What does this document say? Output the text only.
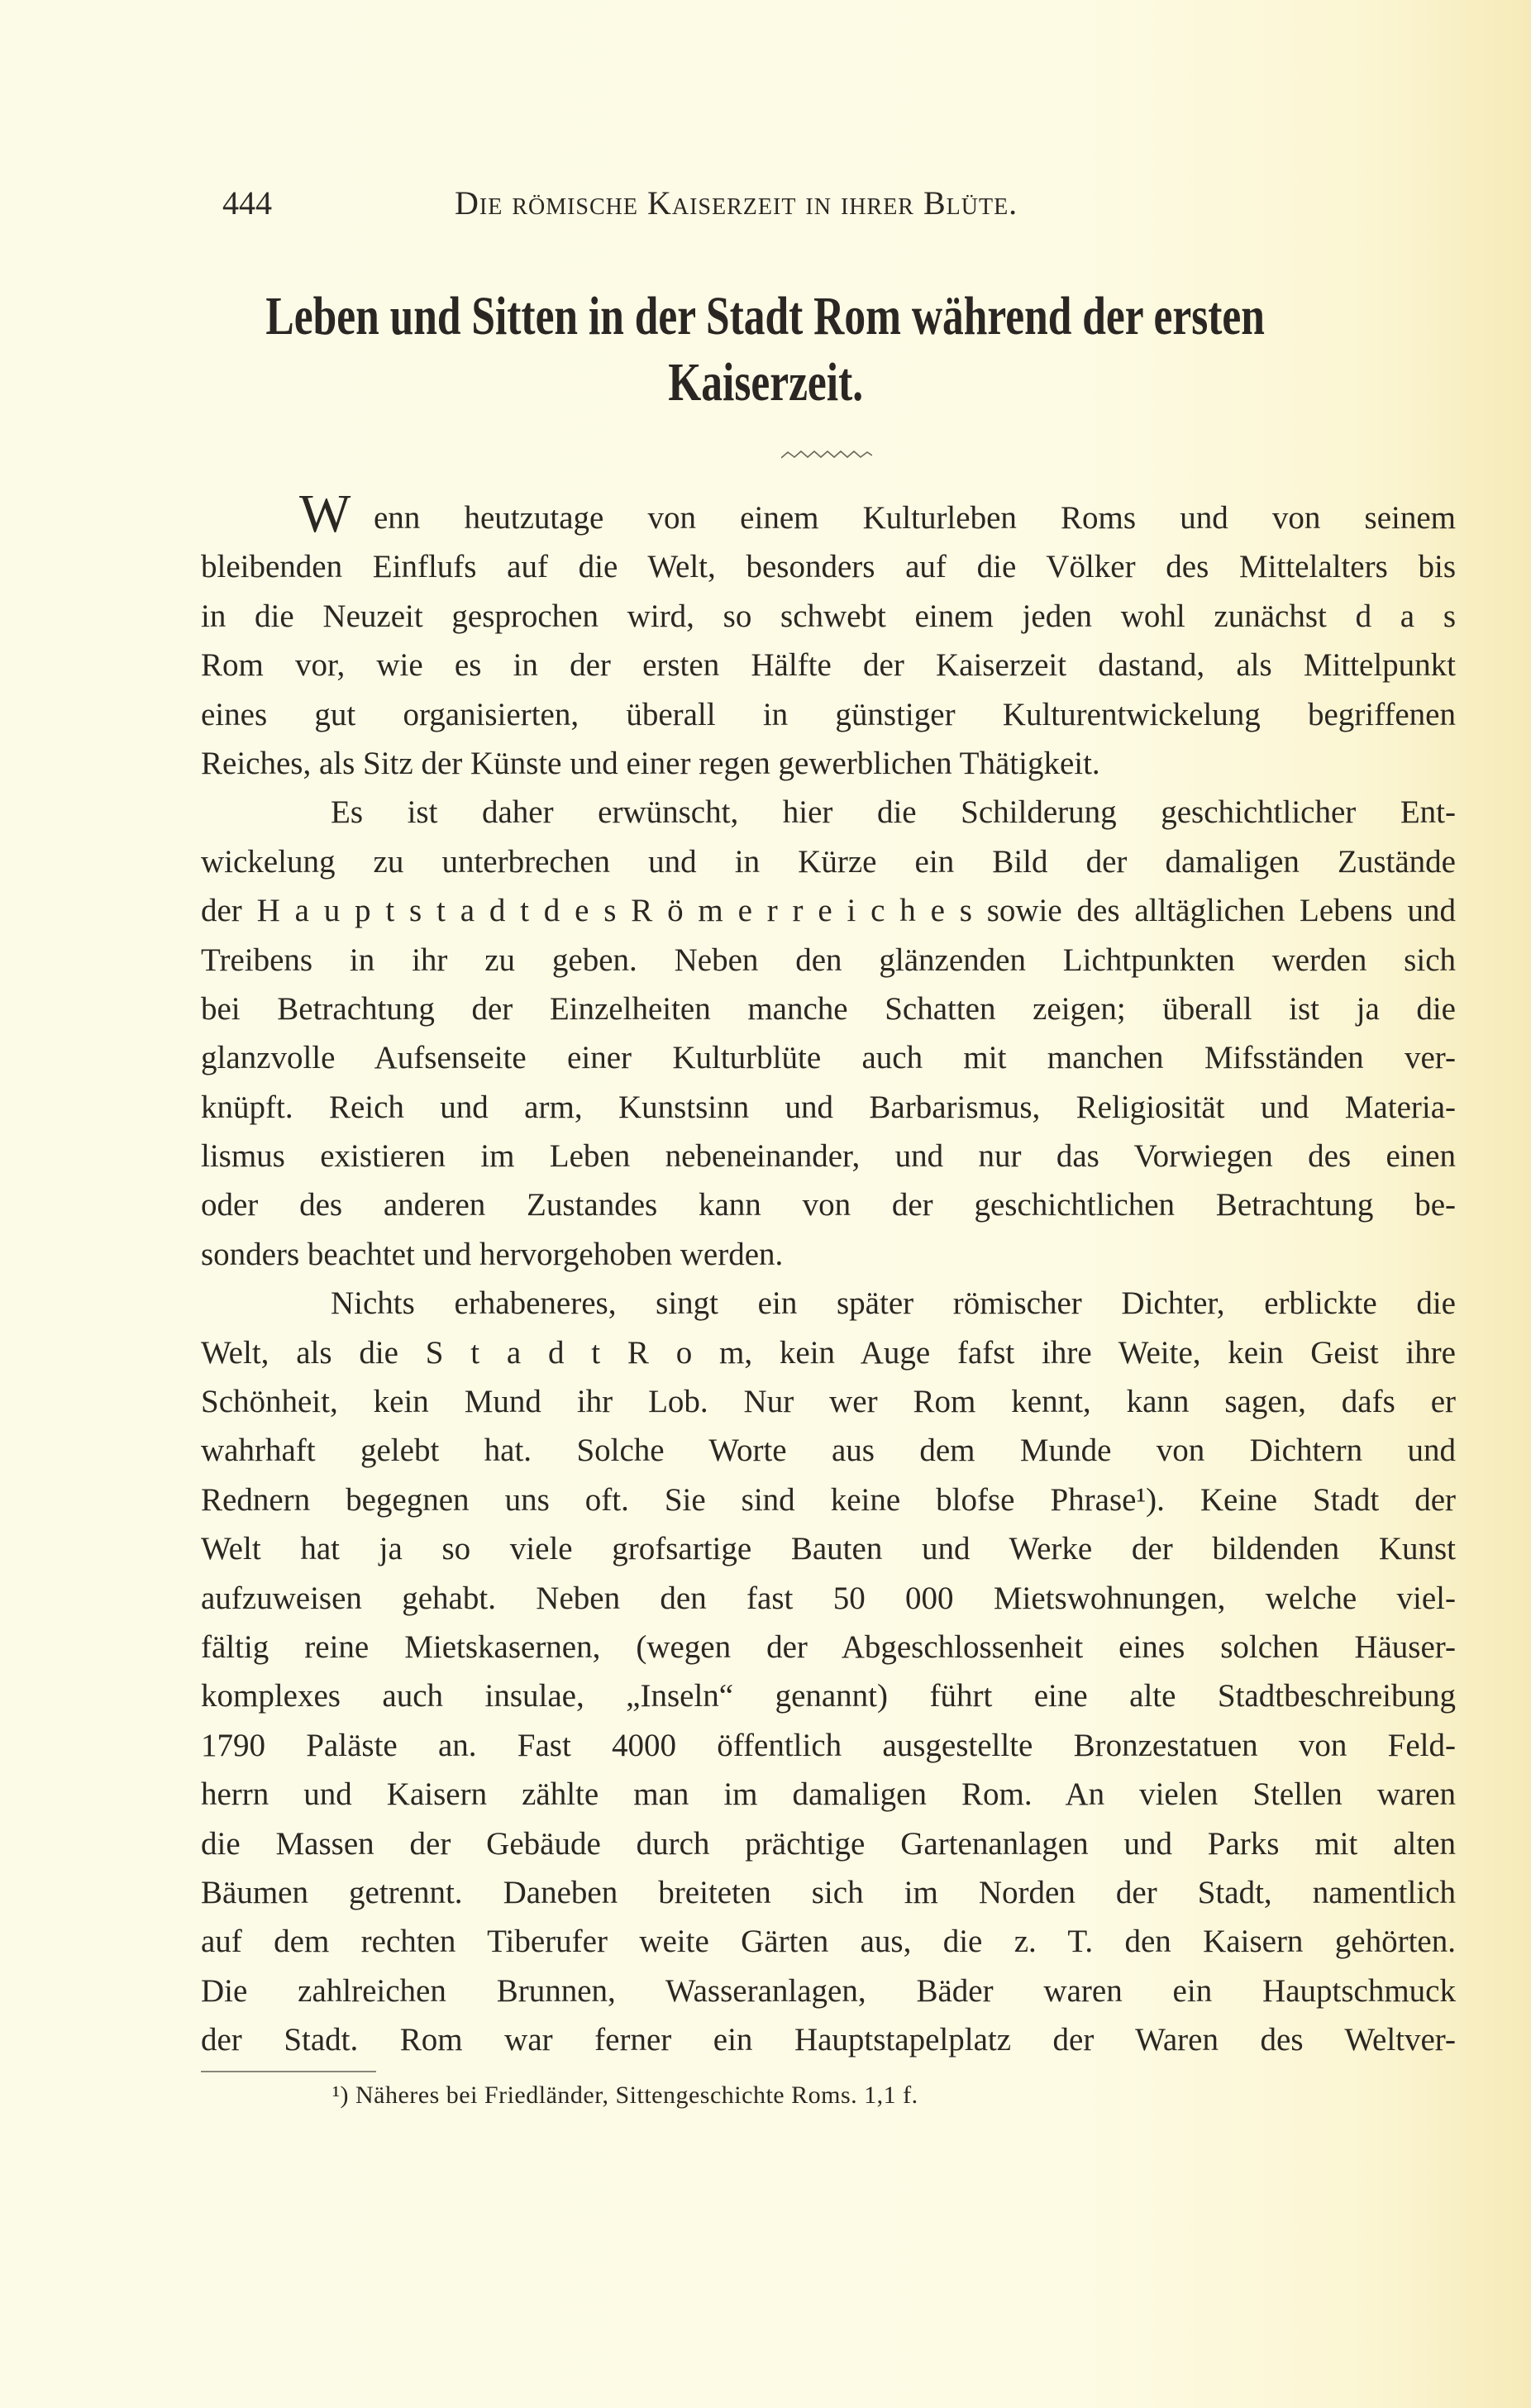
444	Die römische Kaiserzeit in ihrer Blüte.
Leben und Sitten in der Stadt Rom während der ersten
Kaiserzeit.
W enn heutzutage von einem Kulturleben Roms und von seinem
bleibenden Einflufs auf die Welt, besonders auf die Völker des Mittelalters bis
in die Neuzeit gesprochen wird, so schwebt einem jeden wohl zunächst d a s
Rom vor, wie es in der ersten Hälfte der Kaiserzeit dastand, als Mittelpunkt
eines gut organisierten, überall in günstiger Kulturentwickelung begriffenen
Reiches, als Sitz der Künste und einer regen gewerblichen Thätigkeit.
Es ist daher erwünscht, hier die Schilderung geschichtlicher Ent-
wickelung zu unterbrechen und in Kürze ein Bild der damaligen Zustände
der H a u p t s t a d t d e s R ö m e r r e i c h e s sowie des alltäglichen Lebens und
Treibens in ihr zu geben. Neben den glänzenden Lichtpunkten werden sich
bei Betrachtung der Einzelheiten manche Schatten zeigen; überall ist ja die
glanzvolle Aufsenseite einer Kulturblüte auch mit manchen Mifsständen ver-
knüpft. Reich und arm, Kunstsinn und Barbarismus, Religiosität und Materia-
lismus existieren im Leben nebeneinander, und nur das Vorwiegen des einen
oder des anderen Zustandes kann von der geschichtlichen Betrachtung be-
sonders beachtet und hervorgehoben werden.
Nichts erhabeneres, singt ein später römischer Dichter, erblickte die
Welt, als die S t a d t R o m, kein Auge fafst ihre Weite, kein Geist ihre
Schönheit, kein Mund ihr Lob. Nur wer Rom kennt, kann sagen, dafs er
wahrhaft gelebt hat. Solche Worte aus dem Munde von Dichtern und
Rednern begegnen uns oft. Sie sind keine blofse Phrase¹). Keine Stadt der
Welt hat ja so viele grofsartige Bauten und Werke der bildenden Kunst
aufzuweisen gehabt. Neben den fast 50 000 Mietswohnungen, welche viel-
fältig reine Mietskasernen, (wegen der Abgeschlossenheit eines solchen Häuser-
komplexes auch insulae, „Inseln“ genannt) führt eine alte Stadtbeschreibung
1790 Paläste an. Fast 4000 öffentlich ausgestellte Bronzestatuen von Feld-
herrn und Kaisern zählte man im damaligen Rom. An vielen Stellen waren
die Massen der Gebäude durch prächtige Gartenanlagen und Parks mit alten
Bäumen getrennt. Daneben breiteten sich im Norden der Stadt, namentlich
auf dem rechten Tiberufer weite Gärten aus, die z. T. den Kaisern gehörten.
Die zahlreichen Brunnen, Wasseranlagen, Bäder waren ein Hauptschmuck
der Stadt. Rom war ferner ein Hauptstapelplatz der Waren des Weltver-
¹) Näheres bei Friedländer, Sittengeschichte Roms. 1,1 f.
